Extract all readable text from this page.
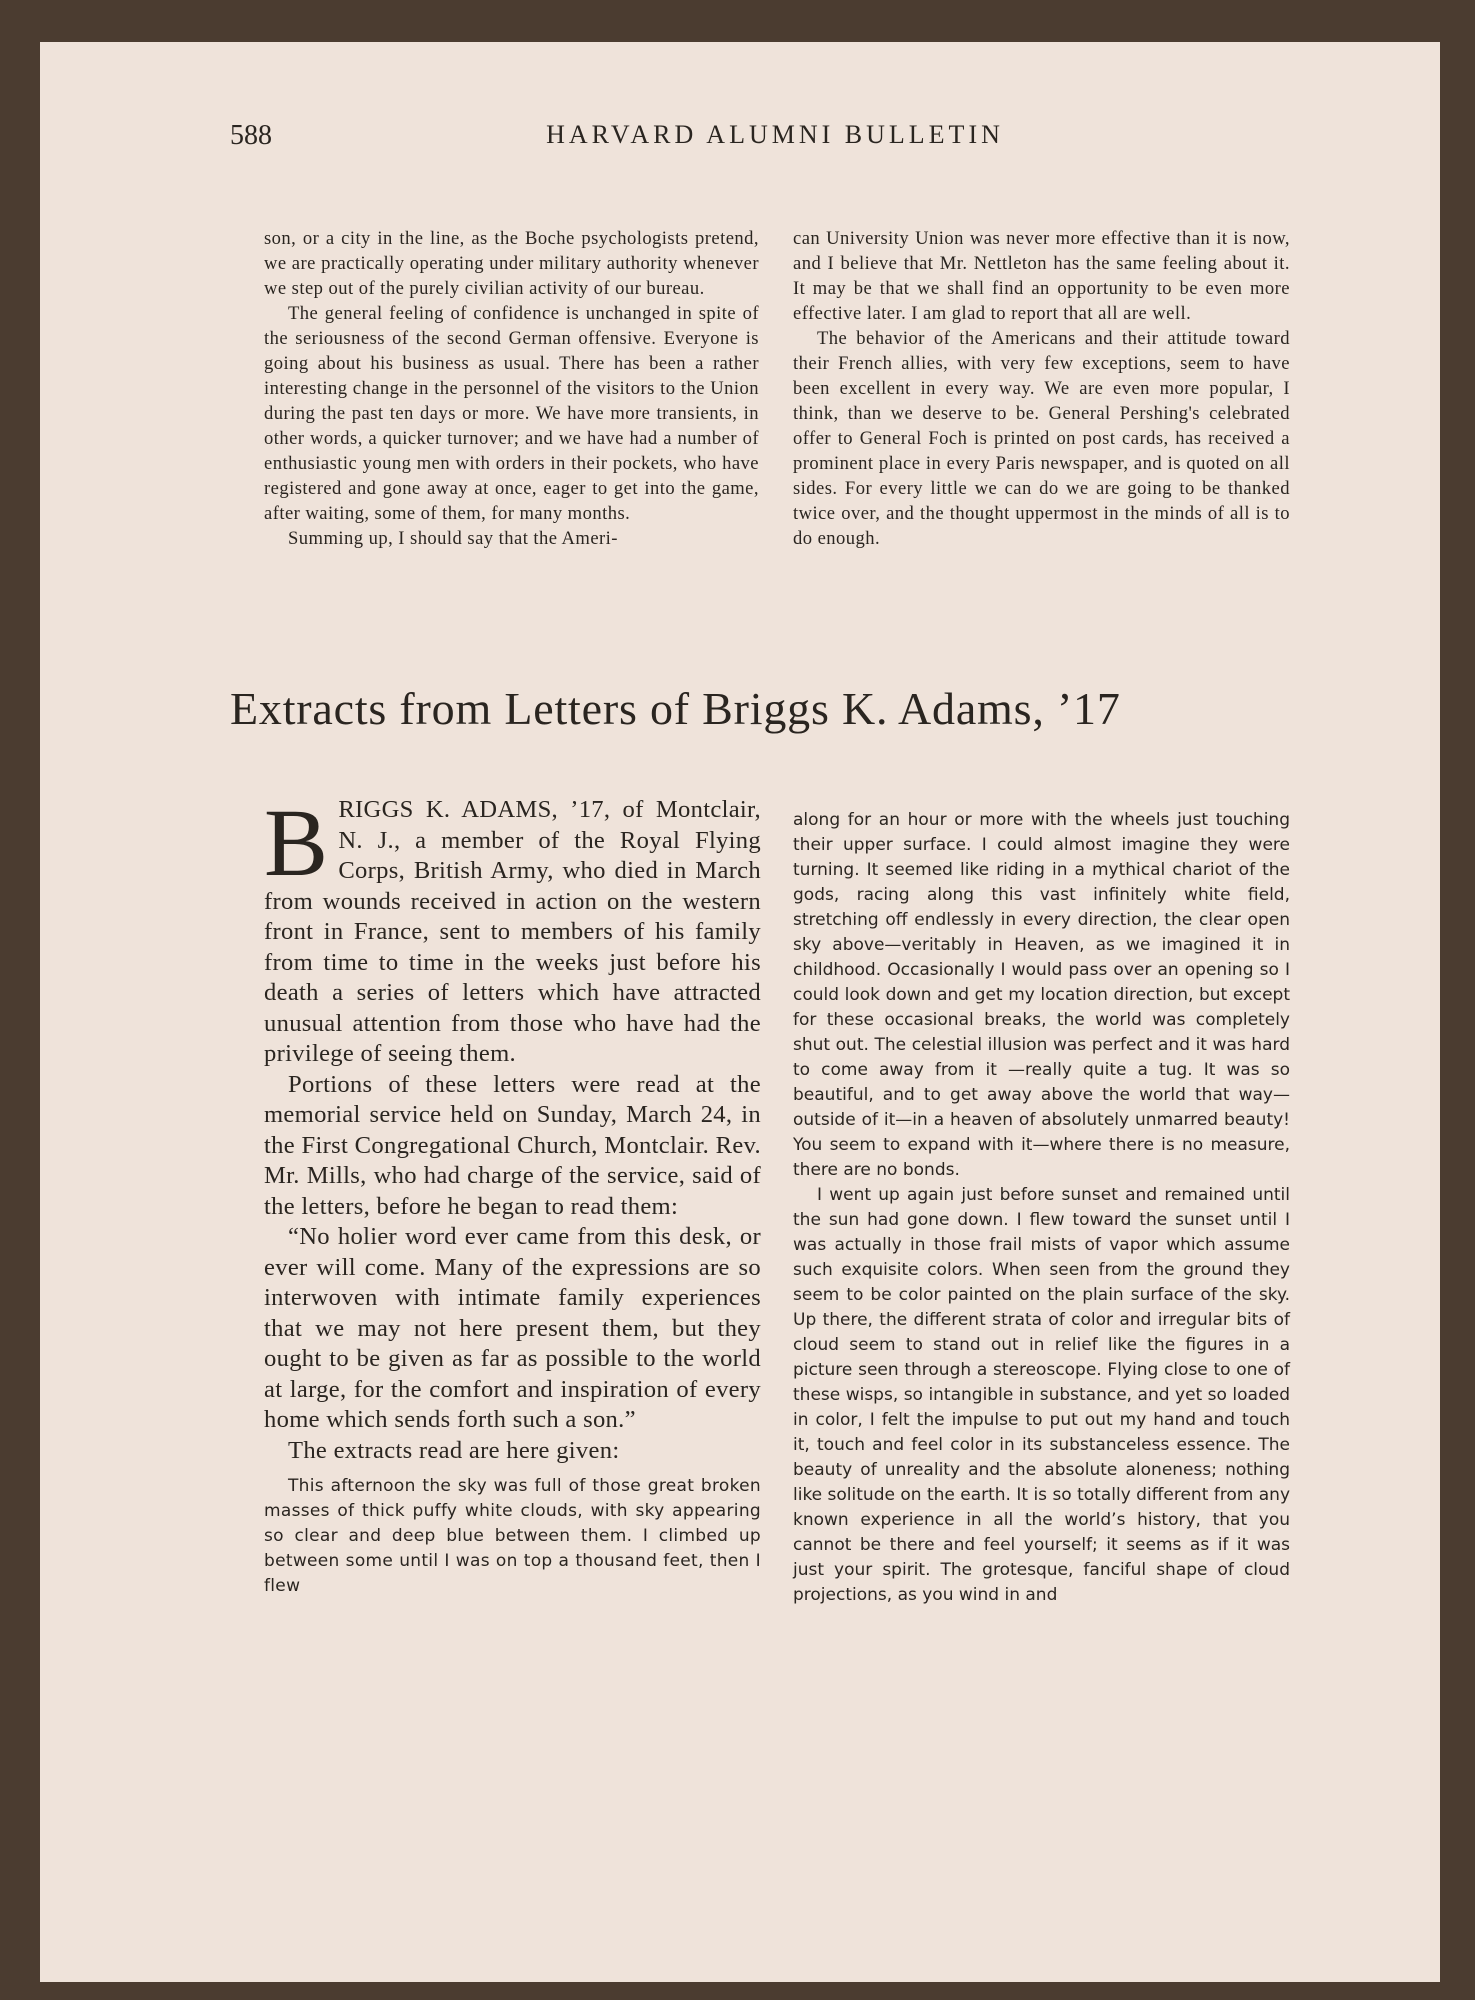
588	HARVARD ALUMNI BULLETIN

son, or a city in the line, as the Boche psychologists pretend, we are practically operating under military authority whenever we step out of the purely civilian activity of our bureau.

The general feeling of confidence is unchanged in spite of the seriousness of the second German offensive. Everyone is going about his business as usual. There has been a rather interesting change in the personnel of the visitors to the Union during the past ten days or more. We have more transients, in other words, a quicker turnover; and we have had a number of enthusiastic young men with orders in their pockets, who have registered and gone away at once, eager to get into the game, after waiting, some of them, for many months.

Summing up, I should say that the Ameri-

can University Union was never more effective than it is now, and I believe that Mr. Nettleton has the same feeling about it. It may be that we shall find an opportunity to be even more effective later. I am glad to report that all are well.

The behavior of the Americans and their attitude toward their French allies, with very few exceptions, seem to have been excellent in every way. We are even more popular, I think, than we deserve to be. General Pershing's celebrated offer to General Foch is printed on post cards, has received a prominent place in every Paris newspaper, and is quoted on all sides. For every little we can do we are going to be thanked twice over, and the thought uppermost in the minds of all is to do enough.

Extracts from Letters of Briggs K. Adams, ’17

BRIGGS K. ADAMS, ’17, of Montclair, N. J., a member of the Royal Flying Corps, British Army, who died in March from wounds received in action on the western front in France, sent to members of his family from time to time in the weeks just before his death a series of letters which have attracted unusual attention from those who have had the privilege of seeing them.

Portions of these letters were read at the memorial service held on Sunday, March 24, in the First Congregational Church, Montclair. Rev. Mr. Mills, who had charge of the service, said of the letters, before he began to read them:

“No holier word ever came from this desk, or ever will come. Many of the expressions are so interwoven with intimate family experiences that we may not here present them, but they ought to be given as far as possible to the world at large, for the comfort and inspiration of every home which sends forth such a son.”

The extracts read are here given:

This afternoon the sky was full of those great broken masses of thick puffy white clouds, with sky appearing so clear and deep blue between them. I climbed up between some until I was on top a thousand feet, then I flew

along for an hour or more with the wheels just touching their upper surface. I could almost imagine they were turning. It seemed like riding in a mythical chariot of the gods, racing along this vast infinitely white field, stretching off endlessly in every direction, the clear open sky above—veritably in Heaven, as we imagined it in childhood. Occasionally I would pass over an opening so I could look down and get my location direction, but except for these occasional breaks, the world was completely shut out. The celestial illusion was perfect and it was hard to come away from it —really quite a tug. It was so beautiful, and to get away above the world that way—outside of it—in a heaven of absolutely unmarred beauty! You seem to expand with it—where there is no measure, there are no bonds.

I went up again just before sunset and remained until the sun had gone down. I flew toward the sunset until I was actually in those frail mists of vapor which assume such exquisite colors. When seen from the ground they seem to be color painted on the plain surface of the sky. Up there, the different strata of color and irregular bits of cloud seem to stand out in relief like the figures in a picture seen through a stereoscope. Flying close to one of these wisps, so intangible in substance, and yet so loaded in color, I felt the impulse to put out my hand and touch it, touch and feel color in its substanceless essence. The beauty of unreality and the absolute aloneness; nothing like solitude on the earth. It is so totally different from any known experience in all the world’s history, that you cannot be there and feel yourself; it seems as if it was just your spirit. The grotesque, fanciful shape of cloud projections, as you wind in and
